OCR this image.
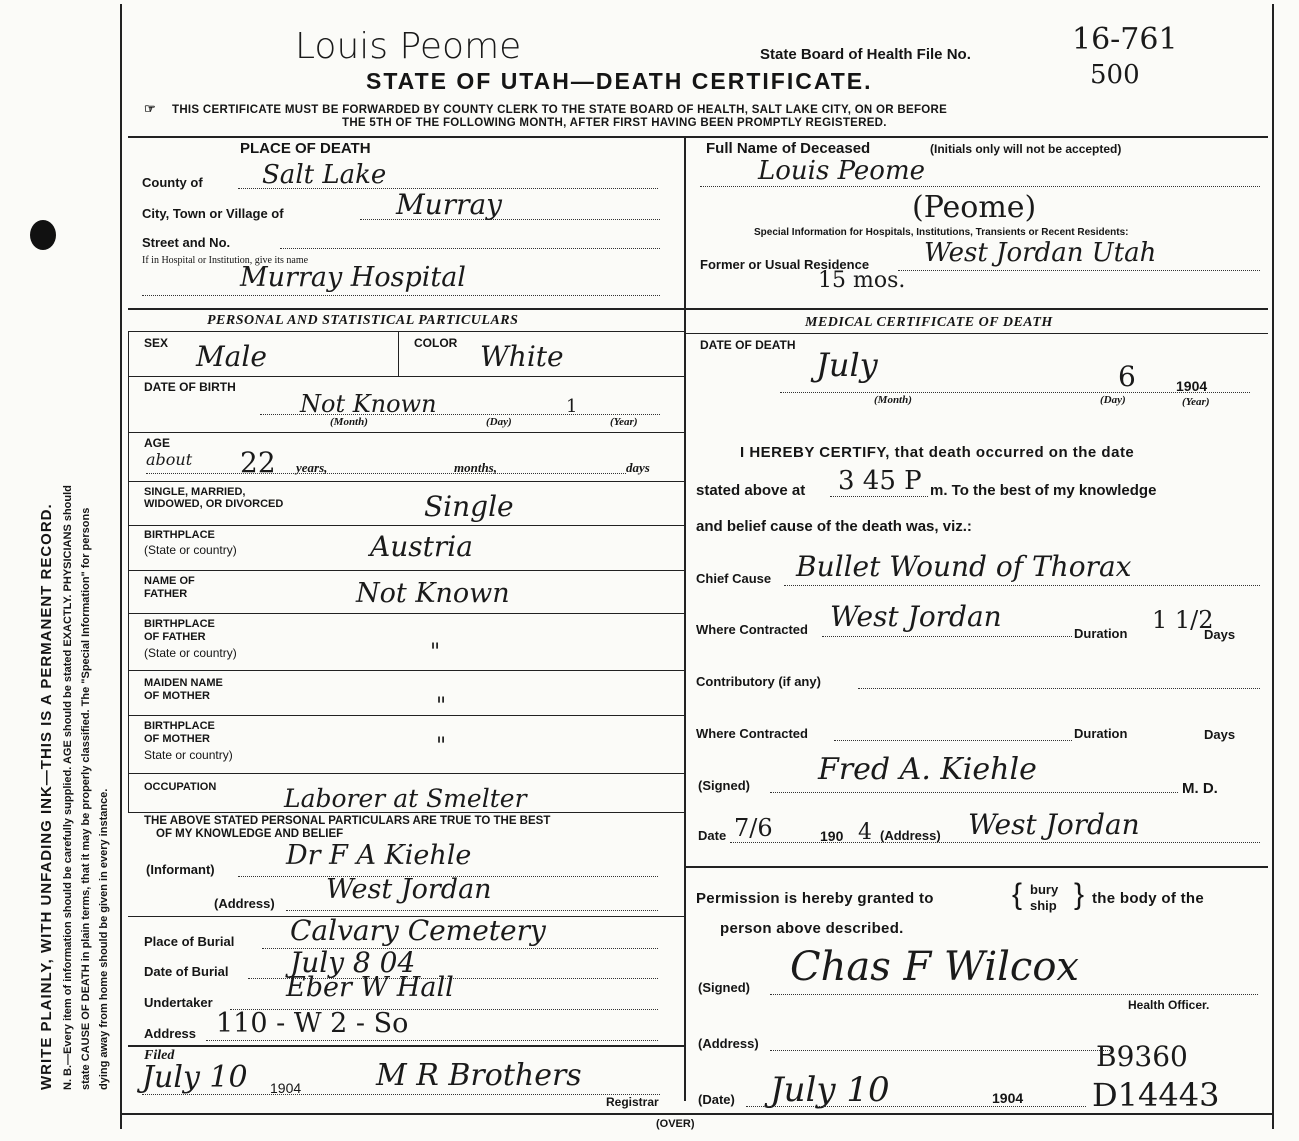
WRITE PLAINLY, WITH UNFADING INK—THIS IS A PERMANENT RECORD. N. B.—Every item of information should be carefully supplied. AGE should be stated EXACTLY. PHYSICIANS should state CAUSE OF DEATH in plain terms, that it may be properly classified. The "Special Information" for persons dying away from home should be given in every instance.
Louis Peome	State Board of Health File No.	16-761
500
STATE OF UTAH—DEATH CERTIFICATE.
☞ THIS CERTIFICATE MUST BE FORWARDED BY COUNTY CLERK TO THE STATE BOARD OF HEALTH, SALT LAKE CITY, ON OR BEFORE
THE 5TH OF THE FOLLOWING MONTH, AFTER FIRST HAVING BEEN PROMPTLY REGISTERED.
PLACE OF DEATH
County of Salt Lake
City, Town or Village of	Murray
Street and No.
If in Hospital or Institution, give its name
Murray Hospital
Full Name of Deceased	(Initials only will not be accepted)
Louis Peome
(Peome)
Special Information for Hospitals, Institutions, Transients or Recent Residents:
Former or Usual Residence West Jordan Utah
15 mos.
PERSONAL AND STATISTICAL PARTICULARS	MEDICAL CERTIFICATE OF DEATH
SEX Male	COLOR White
DATE OF BIRTH
Not Known	1
(Month)	(Day)	(Year)
AGE
about 22 years,	months,	days
SINGLE, MARRIED,
WIDOWED, OR DIVORCED	Single
BIRTHPLACE
(State or country)	Austria
NAME OF
FATHER	Not Known
BIRTHPLACE
OF FATHER
(State or country)	"
MAIDEN NAME
OF MOTHER	"
BIRTHPLACE
OF MOTHER
State or country)	"
OCCUPATION	Laborer at Smelter
THE ABOVE STATED PERSONAL PARTICULARS ARE TRUE TO THE BEST
OF MY KNOWLEDGE AND BELIEF
(Informant)	Dr F A Kiehle
(Address) West Jordan
Place of Burial Calvary Cemetery
Date of Burial July 8 04
Undertaker	Eber W Hall
Address 110 - W 2 - So
Filed
July 10 1904 M R Brothers
Registrar
DATE OF DEATH
July	6	1904
(Month)	(Day)	(Year)
I HEREBY CERTIFY, that death occurred on the date
stated above at 3 45 P m. To the best of my knowledge
and belief cause of the death was, viz.:
Chief Cause Bullet Wound of Thorax
Where Contracted West Jordan
Duration 1 1/2
Days
Contributory (if any)
Where Contracted	Duration	Days
(Signed) Fred A. Kiehle
M. D.
Date 7/6	190 4 (Address) West Jordan
Permission is hereby granted to	{ bury
ship } the body of the
person above described.
(Signed) Chas F Wilcox
Health Officer.
(Address)	B9360
(Date) July 10	1904 D14443
(OVER)
